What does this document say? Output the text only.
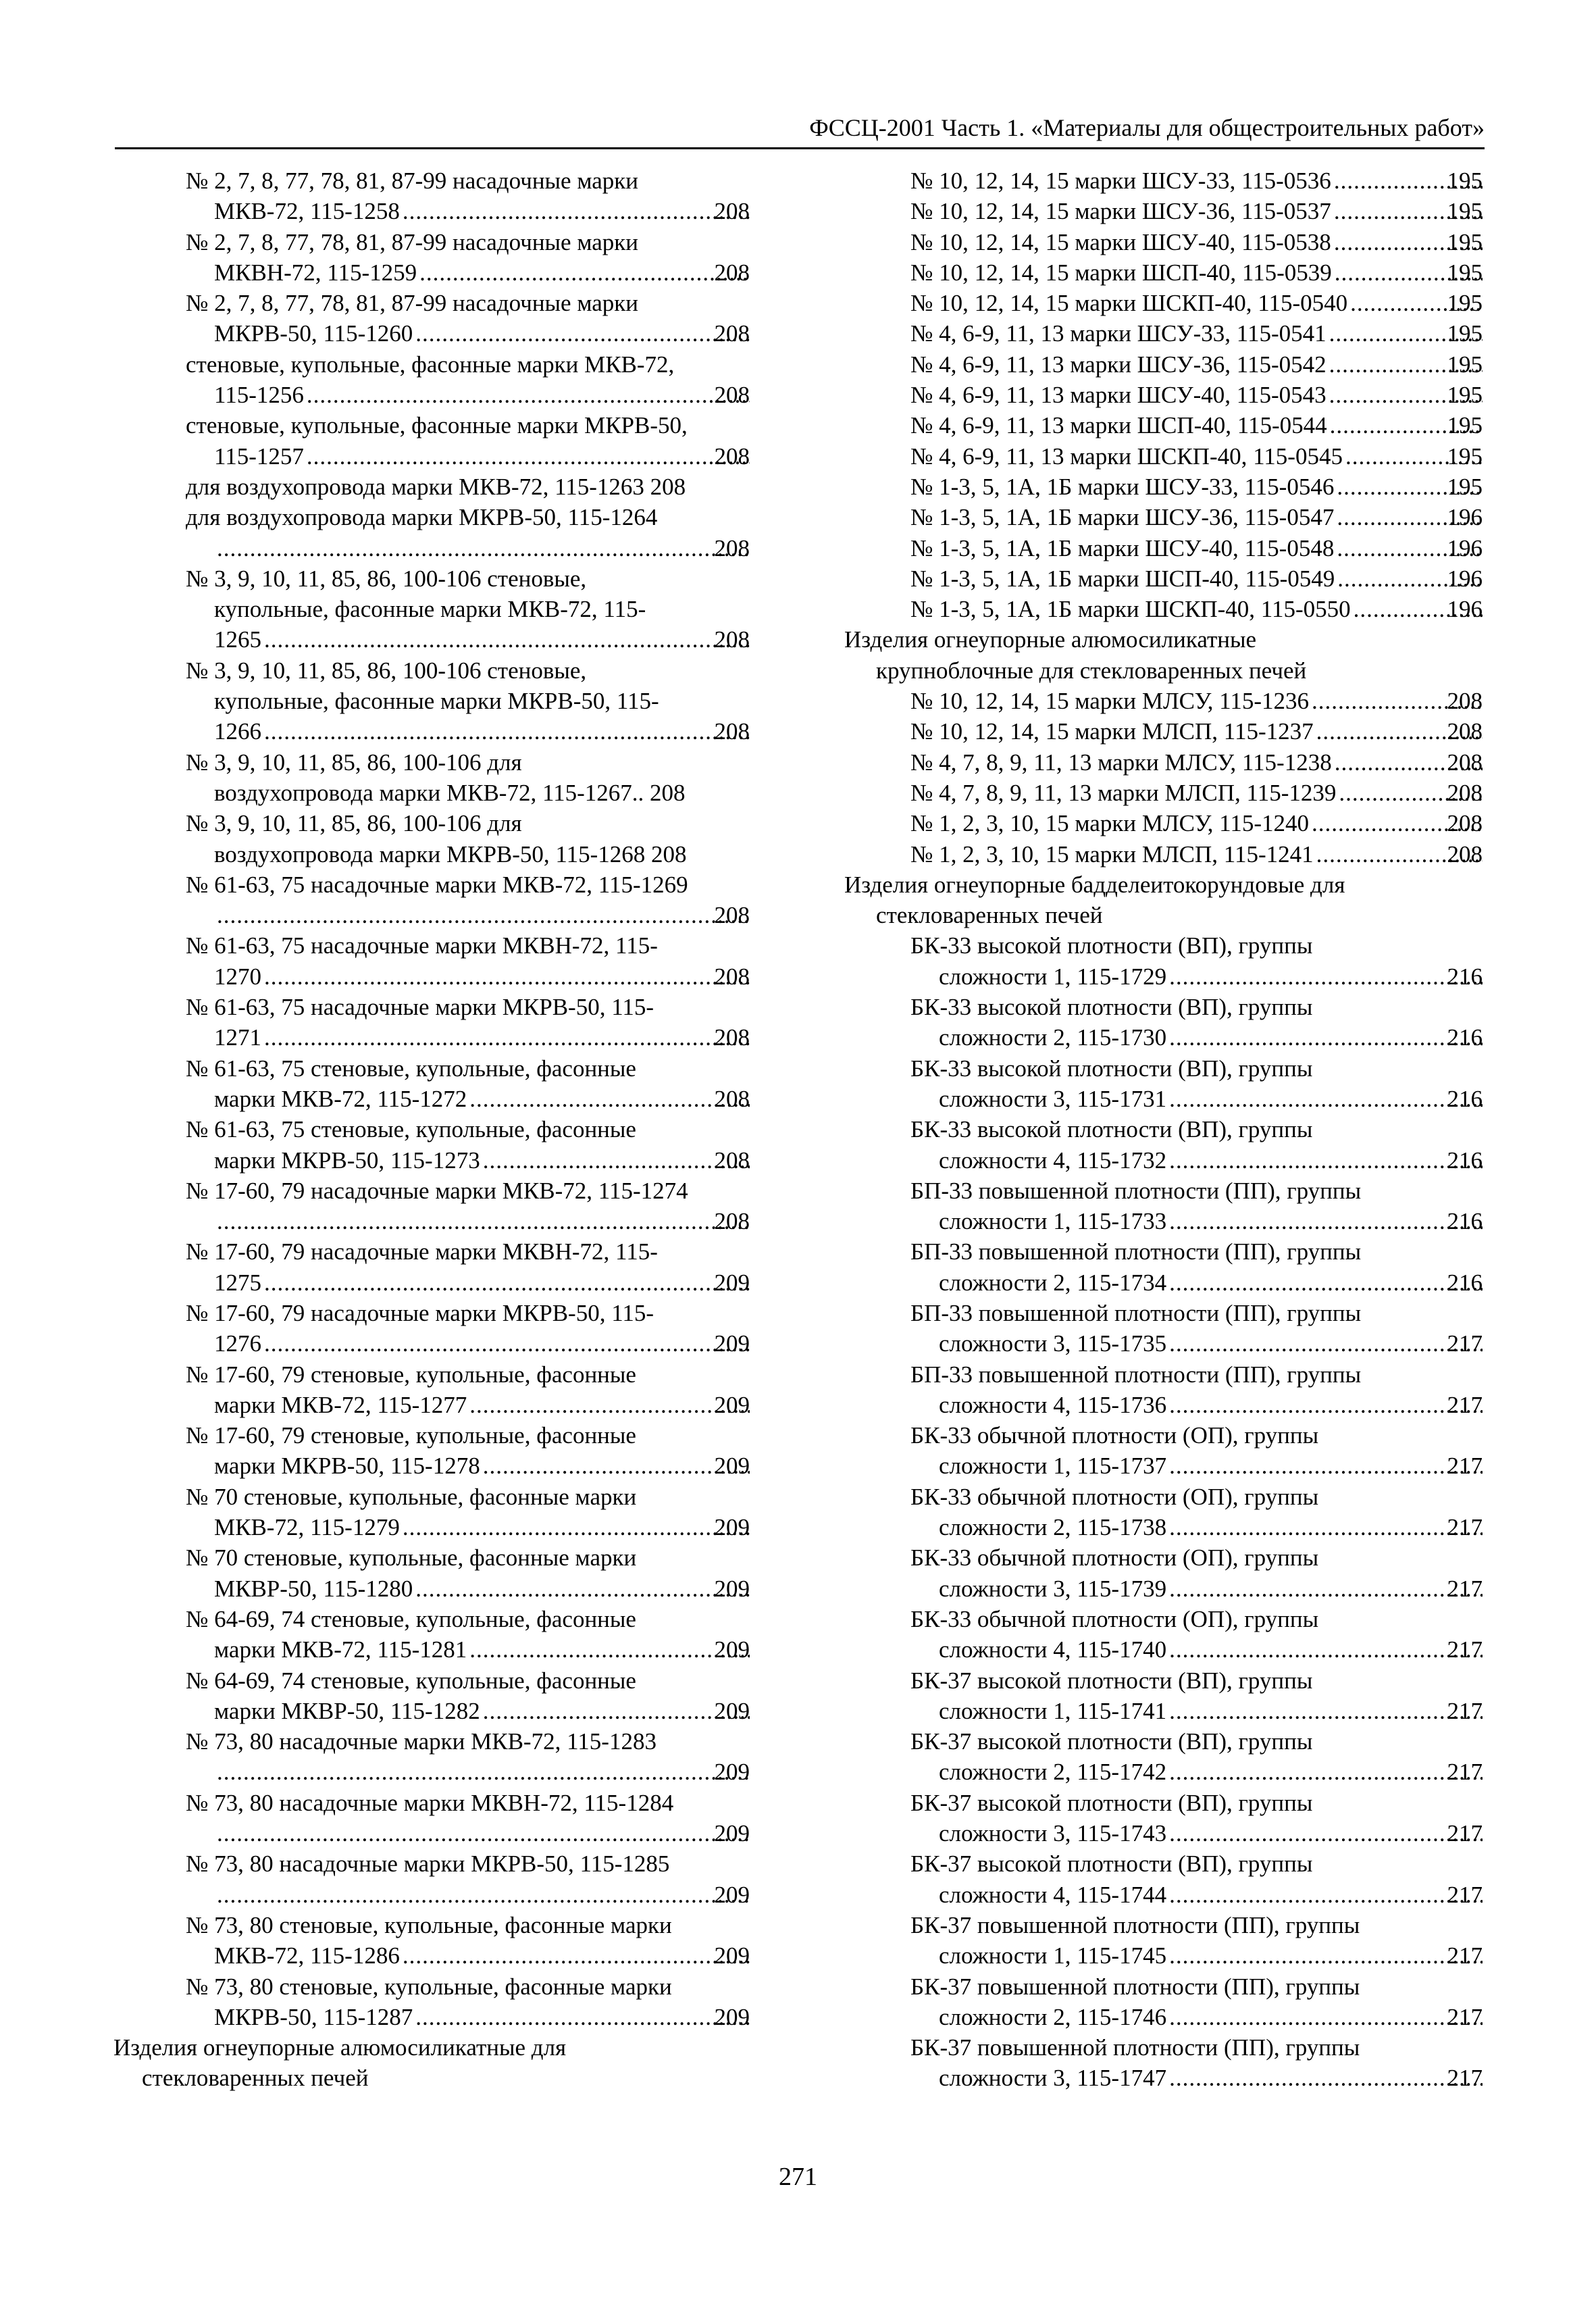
ФССЦ-2001 Часть 1. «Материалы для общестроительных работ»
№ 2, 7, 8, 77, 78, 81, 87-99 насадочные марки
МКВ-72, 115-1258	208
.....
№ 2, 7, 8, 77, 78, 81, 87-99 насадочные марки
МКВН-72, 115-1259	208
.....
№ 2, 7, 8, 77, 78, 81, 87-99 насадочные марки
МКРВ-50, 115-1260	208
.....
стеновые, купольные, фасонные марки МКВ-72,
115-1256	208
.....
стеновые, купольные, фасонные марки МКРВ-50,
115-1257	208
.....
для воздухопровода марки МКВ-72, 115-1263 208
для воздухопровода марки МКРВ-50, 115-1264
208
.....
№ 3, 9, 10, 11, 85, 86, 100-106 стеновые,
купольные, фасонные марки МКВ-72, 115-
1265	208
.....
№ 3, 9, 10, 11, 85, 86, 100-106 стеновые,
купольные, фасонные марки МКРВ-50, 115-
1266	208
.....
№ 3, 9, 10, 11, 85, 86, 100-106 для
воздухопровода марки МКВ-72, 115-1267.. 208
№ 3, 9, 10, 11, 85, 86, 100-106 для
воздухопровода марки МКРВ-50, 115-1268 208
№ 61-63, 75 насадочные марки МКВ-72, 115-1269
208
.....
№ 61-63, 75 насадочные марки МКВН-72, 115-
1270	208
.....
№ 61-63, 75 насадочные марки МКРВ-50, 115-
1271	208
.....
№ 61-63, 75 стеновые, купольные, фасонные
марки МКВ-72, 115-1272	208
.....
№ 61-63, 75 стеновые, купольные, фасонные
марки МКРВ-50, 115-1273	208
.....
№ 17-60, 79 насадочные марки МКВ-72, 115-1274
208
.....
№ 17-60, 79 насадочные марки МКВН-72, 115-
1275	209
.....
№ 17-60, 79 насадочные марки МКРВ-50, 115-
1276	209
.....
№ 17-60, 79 стеновые, купольные, фасонные
марки МКВ-72, 115-1277	209
.....
№ 17-60, 79 стеновые, купольные, фасонные
марки МКРВ-50, 115-1278	209
.....
№ 70 стеновые, купольные, фасонные марки
МКВ-72, 115-1279	209
.....
№ 70 стеновые, купольные, фасонные марки
МКВР-50, 115-1280	209
.....
№ 64-69, 74 стеновые, купольные, фасонные
марки МКВ-72, 115-1281	209
.....
№ 64-69, 74 стеновые, купольные, фасонные
марки МКВР-50, 115-1282	209
.....
№ 73, 80 насадочные марки МКВ-72, 115-1283
209
.....
№ 73, 80 насадочные марки МКВН-72, 115-1284
209
.....
№ 73, 80 насадочные марки МКРВ-50, 115-1285
209
.....
№ 73, 80 стеновые, купольные, фасонные марки
МКВ-72, 115-1286	209
.....
№ 73, 80 стеновые, купольные, фасонные марки
МКРВ-50, 115-1287	209
.....
Изделия огнеупорные алюмосиликатные для
стекловаренных печей
№ 10, 12, 14, 15 марки ШСУ-33, 115-0536	195
.....
№ 10, 12, 14, 15 марки ШСУ-36, 115-0537	195
.....
№ 10, 12, 14, 15 марки ШСУ-40, 115-0538	195
.....
№ 10, 12, 14, 15 марки ШСП-40, 115-0539	195
.....
№ 10, 12, 14, 15 марки ШСКП-40, 115-0540	195
.....
№ 4, 6-9, 11, 13 марки ШСУ-33, 115-0541	195
.....
№ 4, 6-9, 11, 13 марки ШСУ-36, 115-0542	195
.....
№ 4, 6-9, 11, 13 марки ШСУ-40, 115-0543	195
.....
№ 4, 6-9, 11, 13 марки ШСП-40, 115-0544	195
.....
№ 4, 6-9, 11, 13 марки ШСКП-40, 115-0545	195
.....
№ 1-3, 5, 1А, 1Б марки ШСУ-33, 115-0546	195
.....
№ 1-3, 5, 1А, 1Б марки ШСУ-36, 115-0547	196
.....
№ 1-3, 5, 1А, 1Б марки ШСУ-40, 115-0548	196
.....
№ 1-3, 5, 1А, 1Б марки ШСП-40, 115-0549	196
.....
№ 1-3, 5, 1А, 1Б марки ШСКП-40, 115-0550	196
.....
Изделия огнеупорные алюмосиликатные
крупноблочные для стекловаренных печей
№ 10, 12, 14, 15 марки МЛСУ, 115-1236	208
.....
№ 10, 12, 14, 15 марки МЛСП, 115-1237	208
.....
№ 4, 7, 8, 9, 11, 13 марки МЛСУ, 115-1238	208
.....
№ 4, 7, 8, 9, 11, 13 марки МЛСП, 115-1239	208
.....
№ 1, 2, 3, 10, 15 марки МЛСУ, 115-1240	208
.....
№ 1, 2, 3, 10, 15 марки МЛСП, 115-1241	208
.....
Изделия огнеупорные бадделеитокорундовые для
стекловаренных печей
БК-33 высокой плотности (ВП), группы
сложности 1, 115-1729	216
.....
БК-33 высокой плотности (ВП), группы
сложности 2, 115-1730	216
.....
БК-33 высокой плотности (ВП), группы
сложности 3, 115-1731	216
.....
БК-33 высокой плотности (ВП), группы
сложности 4, 115-1732	216
.....
БП-33 повышенной плотности (ПП), группы
сложности 1, 115-1733	216
.....
БП-33 повышенной плотности (ПП), группы
сложности 2, 115-1734	216
.....
БП-33 повышенной плотности (ПП), группы
сложности 3, 115-1735	217
.....
БП-33 повышенной плотности (ПП), группы
сложности 4, 115-1736	217
.....
БК-33 обычной плотности (ОП), группы
сложности 1, 115-1737	217
.....
БК-33 обычной плотности (ОП), группы
сложности 2, 115-1738	217
.....
БК-33 обычной плотности (ОП), группы
сложности 3, 115-1739	217
.....
БК-33 обычной плотности (ОП), группы
сложности 4, 115-1740	217
.....
БК-37 высокой плотности (ВП), группы
сложности 1, 115-1741	217
.....
БК-37 высокой плотности (ВП), группы
сложности 2, 115-1742	217
.....
БК-37 высокой плотности (ВП), группы
сложности 3, 115-1743	217
.....
БК-37 высокой плотности (ВП), группы
сложности 4, 115-1744	217
.....
БК-37 повышенной плотности (ПП), группы
сложности 1, 115-1745	217
.....
БК-37 повышенной плотности (ПП), группы
сложности 2, 115-1746	217
.....
БК-37 повышенной плотности (ПП), группы
сложности 3, 115-1747	217
.....
271
